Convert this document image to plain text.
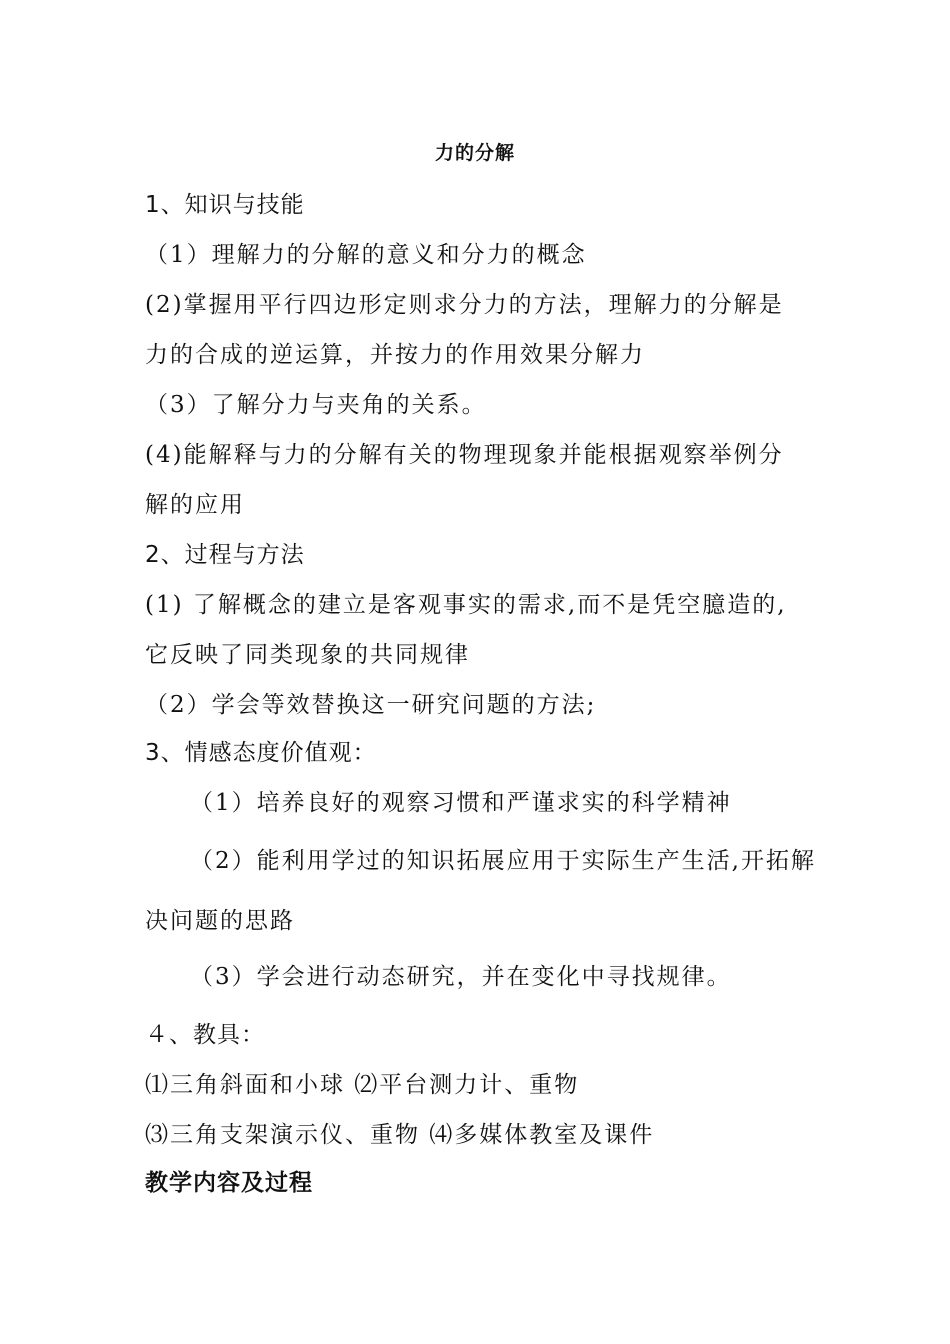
力的分解
1、知识与技能
（1）理解力的分解的意义和分力的概念
(2)掌握用平行四边形定则求分力的方法，理解力的分解是
力的合成的逆运算，并按力的作用效果分解力
（3）了解分力与夹角的关系。
(4)能解释与力的分解有关的物理现象并能根据观察举例分
解的应用
2、过程与方法
(1) 了解概念的建立是客观事实的需求,而不是凭空臆造的,
它反映了同类现象的共同规律
（2）学会等效替换这一研究问题的方法;
3、情感态度价值观：
（1）培养良好的观察习惯和严谨求实的科学精神
（2）能利用学过的知识拓展应用于实际生产生活,开拓解
决问题的思路
（3）学会进行动态研究，并在变化中寻找规律。
４、教具：
⑴三角斜面和小球 ⑵平台测力计、重物
⑶三角支架演示仪、重物 ⑷多媒体教室及课件
教学内容及过程
